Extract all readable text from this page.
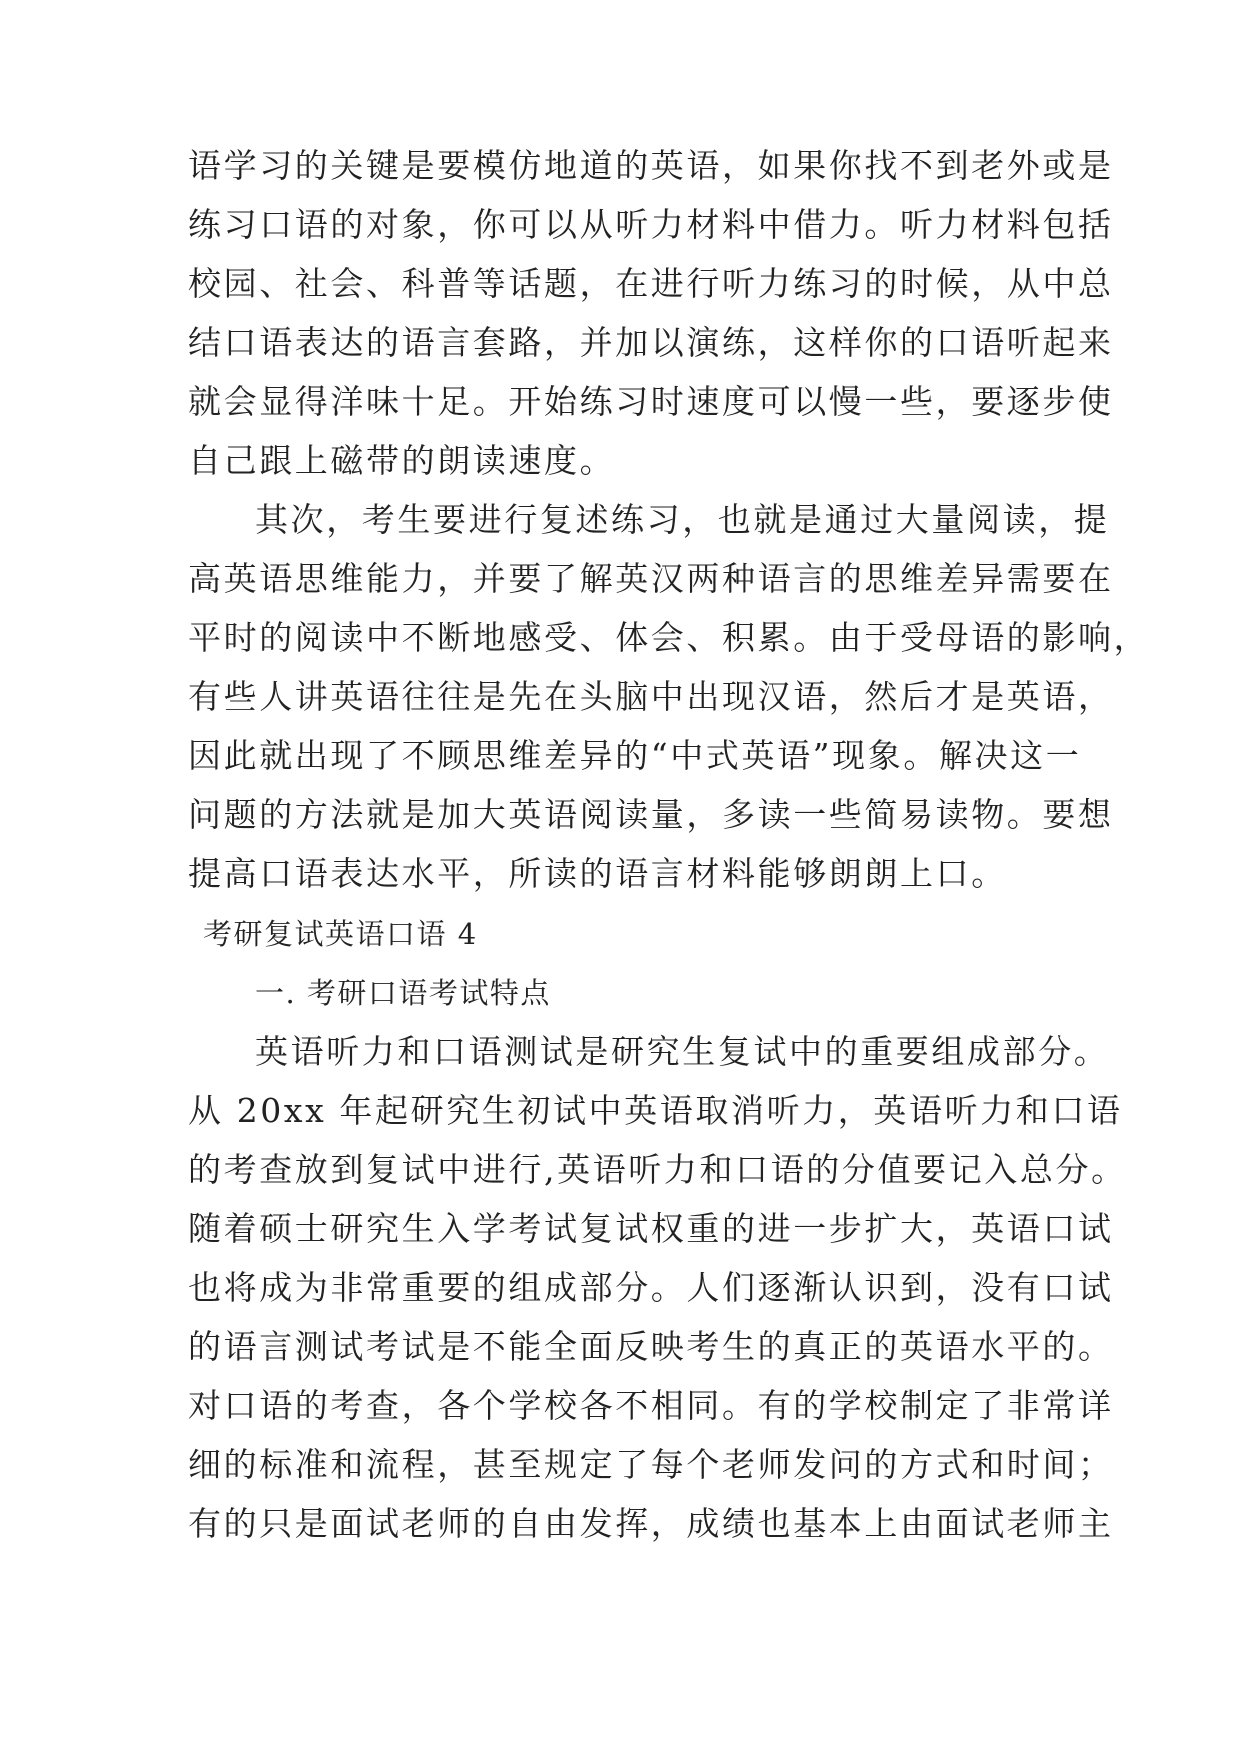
语学习的关键是要模仿地道的英语，如果你找不到老外或是
练习口语的对象，你可以从听力材料中借力。听力材料包括
校园、社会、科普等话题，在进行听力练习的时候，从中总
结口语表达的语言套路，并加以演练，这样你的口语听起来
就会显得洋味十足。开始练习时速度可以慢一些，要逐步使
自己跟上磁带的朗读速度。
其次，考生要进行复述练习，也就是通过大量阅读，提
高英语思维能力，并要了解英汉两种语言的思维差异需要在
平时的阅读中不断地感受、体会、积累。由于受母语的影响，
有些人讲英语往往是先在头脑中出现汉语，然后才是英语，
因此就出现了不顾思维差异的“中式英语”现象。解决这一
问题的方法就是加大英语阅读量，多读一些简易读物。要想
提高口语表达水平，所读的语言材料能够朗朗上口。
考研复试英语口语 4
一. 考研口语考试特点
英语听力和口语测试是研究生复试中的重要组成部分。
从 20xx 年起研究生初试中英语取消听力，英语听力和口语
的考查放到复试中进行,英语听力和口语的分值要记入总分。
随着硕士研究生入学考试复试权重的进一步扩大，英语口试
也将成为非常重要的组成部分。人们逐渐认识到，没有口试
的语言测试考试是不能全面反映考生的真正的英语水平的。
对口语的考查，各个学校各不相同。有的学校制定了非常详
细的标准和流程，甚至规定了每个老师发问的方式和时间；
有的只是面试老师的自由发挥，成绩也基本上由面试老师主
